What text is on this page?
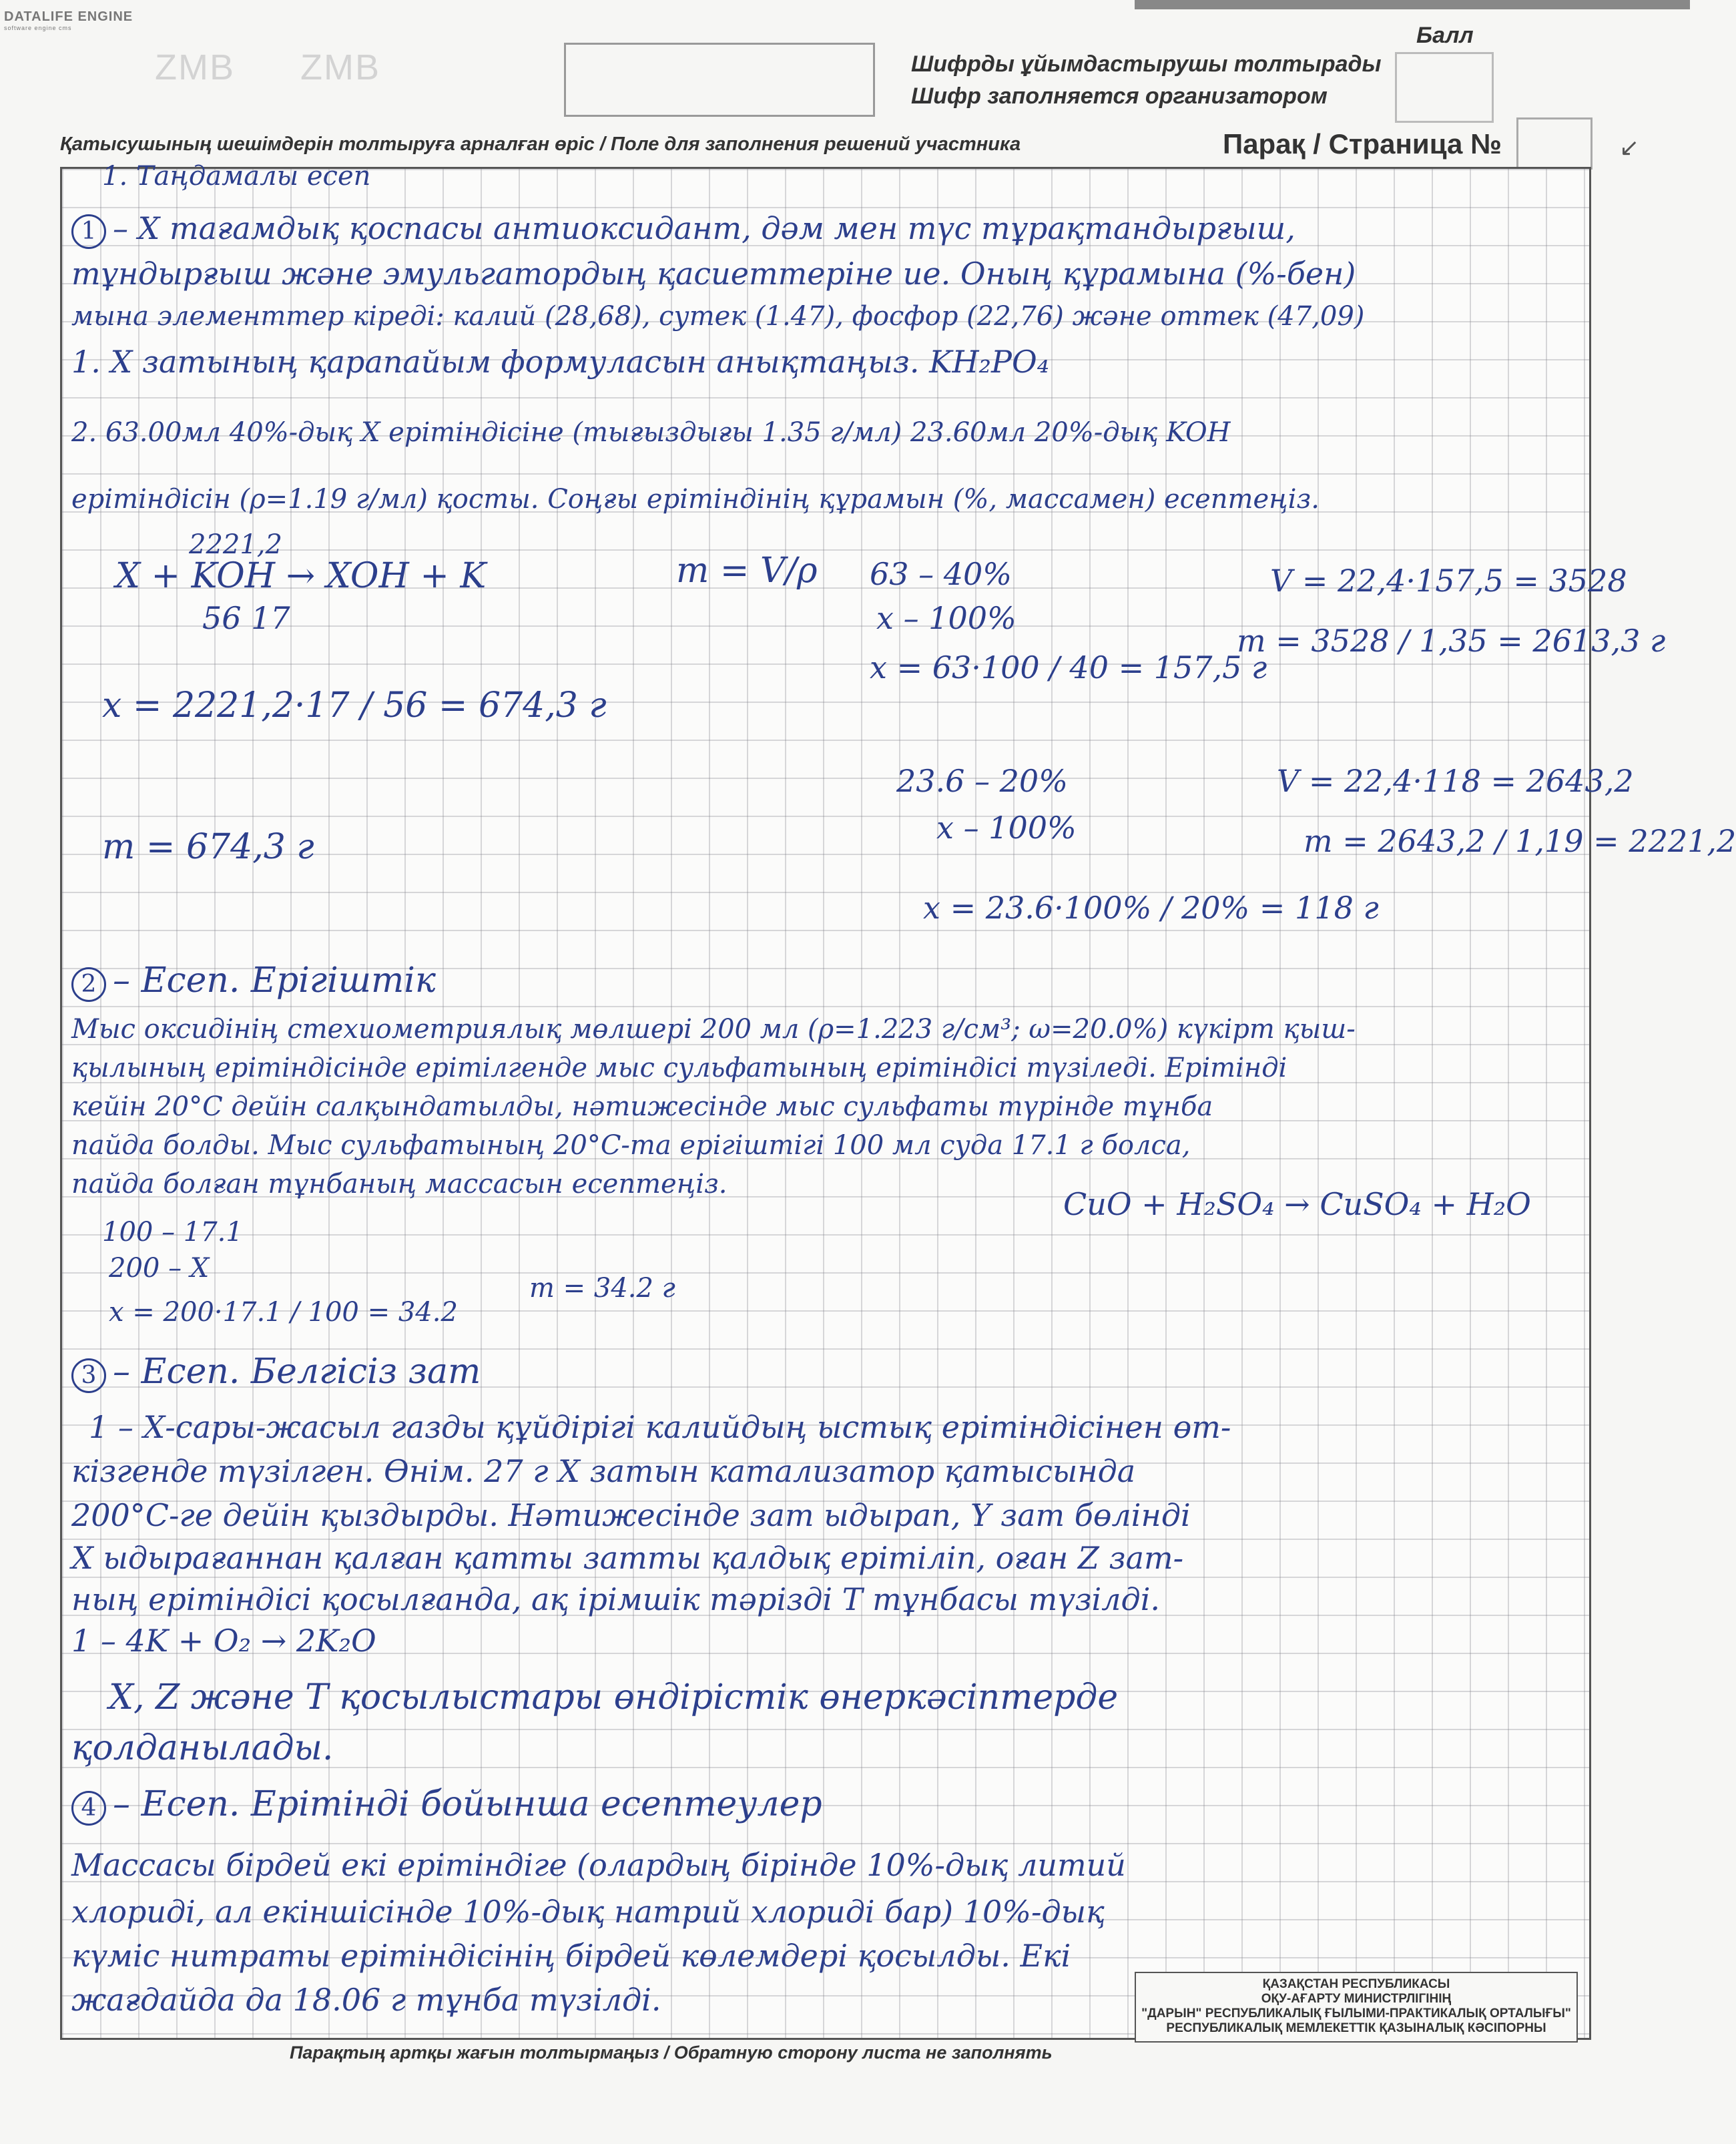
DATALIFE ENGINE
software engine cms
ZMB ZMB	Шифрды ұйымдастырушы толтырады
Шифр заполняется организатором
Балл
Қатысушының шешімдерін толтыруға арналған өріс / Поле для заполнения решений участника	Парақ / Страница №	↙
1. Таңдамалы есеп
1 – Х тағамдық қоспасы антиоксидант, дәм мен түс тұрақтандырғыш,
тұндырғыш және эмульгатордың қасиеттеріне ие. Оның құрамына (%-бен)
мына элементтер кіреді: калий (28,68), сутек (1.47), фосфор (22,76) және оттек (47,09)
1. Х затының қарапайым формуласын анықтаңыз. KH₂PO₄
2. 63.00мл 40%-дық Х ерітіндісіне (тығыздығы 1.35 г/мл) 23.60мл 20%-дық KOH
ерітіндісін (ρ=1.19 г/мл) қосты. Соңғы ерітіндінің құрамын (%, массамен) есептеңіз.
2221,2
X + KOH → XOH + K
56 17
m = V/ρ 63 – 40%
x – 100%
x = 63·100 / 40 = 157,5 г
V = 22,4·157,5 = 3528
m = 3528 / 1,35 = 2613,3 г
x = 2221,2·17 / 56 = 674,3 г
m = 674,3 г
23.6 – 20%
x – 100%
x = 23.6·100% / 20% = 118 г
V = 22,4·118 = 2643,2
m = 2643,2 / 1,19 = 2221,2
2 – Есеп. Ерігіштік
Мыс оксидінің стехиометриялық мөлшері 200 мл (ρ=1.223 г/см³; ω=20.0%) күкірт қыш-
қылының ерітіндісінде ерітілгенде мыс сульфатының ерітіндісі түзіледі. Ерітінді
кейін 20°С дейін салқындатылды, нәтижесінде мыс сульфаты түрінде тұнба
пайда болды. Мыс сульфатының 20°С-та ерігіштігі 100 мл суда 17.1 г болса,
пайда болған тұнбаның массасын есептеңіз.
CuO + H₂SO₄ → CuSO₄ + H₂O
100 – 17.1
200 – X
x = 200·17.1 / 100 = 34.2
m = 34.2 г
3 – Есеп. Белгісіз зат
1 – Х-сары-жасыл газды құйдірігі калийдың ыстық ерітіндісінен өт-
кізгенде түзілген. Өнім. 27 г Х затын катализатор қатысында
200°С-ге дейін қыздырды. Нәтижесінде зат ыдырап, Y зат бөлінді
X ыдырағаннан қалған қатты затты қалдық ерітіліп, оған Z зат-
ның ерітіндісі қосылғанда, ақ ірімшік тәрізді Т тұнбасы түзілді.
1 – 4K + O₂ → 2K₂O
X, Z және T қосылыстары өндірістік өнеркәсіптерде
қолданылады.
4 – Есеп. Ерітінді бойынша есептеулер
Массасы бірдей екі ерітіндіге (олардың бірінде 10%-дық литий
хлориді, ал екіншісінде 10%-дық натрий хлориді бар) 10%-дық
күміс нитраты ерітіндісінің бірдей көлемдері қосылды. Екі
жағдайда да 18.06 г тұнба түзілді.	ҚАЗАҚСТАН РЕСПУБЛИКАСЫ
ОҚУ-АҒАРТУ МИНИСТРЛІГІНІҢ
"ДАРЫН" РЕСПУБЛИКАЛЫҚ ҒЫЛЫМИ-ПРАКТИКАЛЫҚ ОРТАЛЫҒЫ"
РЕСПУБЛИКАЛЫҚ МЕМЛЕКЕТТІК ҚАЗЫНАЛЫҚ КӘСІПОРНЫ
Парақтың артқы жағын толтырмаңыз / Обратную сторону листа не заполнять
